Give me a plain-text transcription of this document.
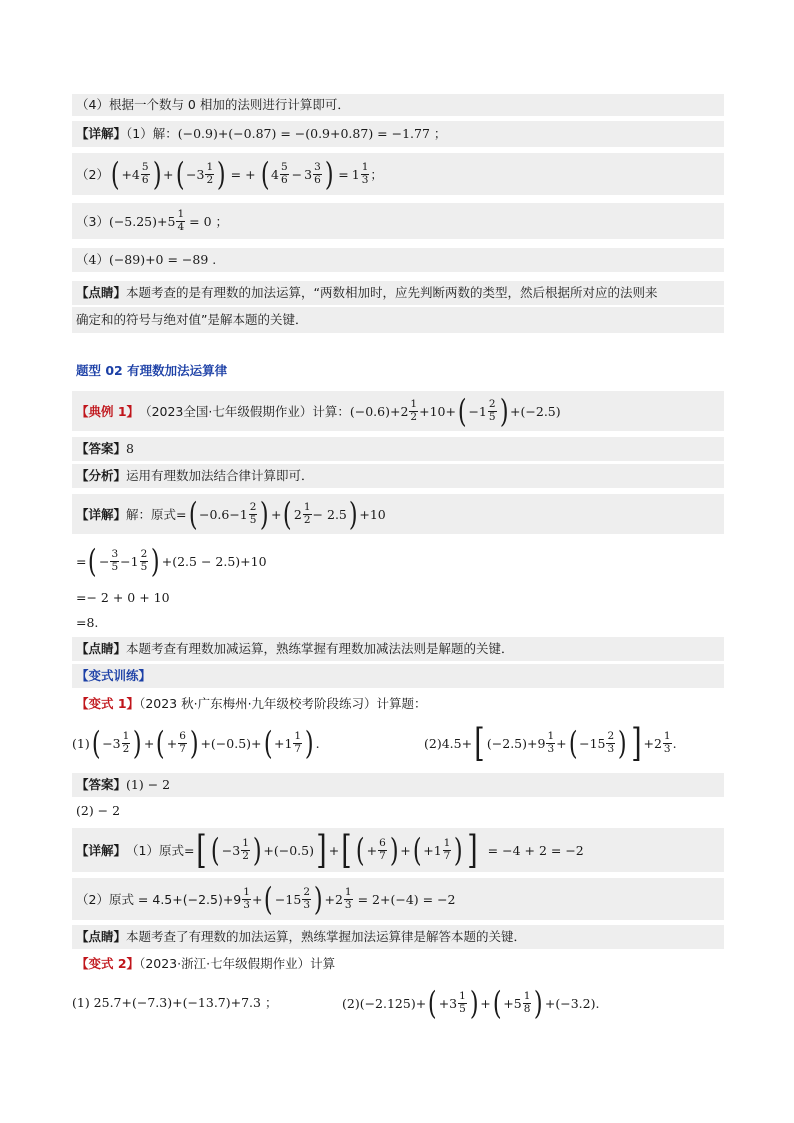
（4）根据一个数与 0 相加的法则进行计算即可．
【详解】（1）解：(−0.9)+(−0.87) = −(0.9+0.87) = −1.77 ；
（2） ( $+4 \frac{5}{6}$ ) + ( $-3 \frac{1}{2}$ ) = + ( $4 \frac{5}{6} - 3 \frac{3}{6}$ ) = $1 \frac{1}{3}$ ；
（3） $(-5.25)+ 5 \frac{1}{4} = 0$ ；
（4）(−89)+0 = −89 .
【点睛】本题考查的是有理数的加法运算，“两数相加时，应先判断两数的类型，然后根据所对应的法则来
确定和的符号与绝对值”是解本题的关键．
题型 02 有理数加法运算律
【典例 1】 （2023全国·七年级假期作业）计算： $(-0.6)+2 \frac{1}{2} +10+$ ( $-1 \frac{2}{5}$ ) +(−2.5)
【答案】8
【分析】运用有理数加法结合律计算即可．
【详解】 解：原式= ( $-0.6-1 \frac{2}{5}$ ) + ( $2 \frac{1}{2} - 2.5$ ) +10
= ( − $\frac{3}{5} -1 \frac{2}{5}$ ) +(2.5 − 2.5)+10
=− 2 + 0 + 10
=8.
【点睛】本题考查有理数加减运算，熟练掌握有理数加减法法则是解题的关键．
【变式训练】
【变式 1】（2023 秋·广东梅州·九年级校考阶段练习）计算题：
(1) ( $-3 \frac{1}{2}$ ) + ( + $\frac{6}{7}$ ) +(−0.5)+ ( $+1 \frac{1}{7}$ ) .	(2)4.5+ [ $(-2.5)+9 \frac{1}{3}$ + ( $-15 \frac{2}{3}$ ) ] $+2 \frac{1}{3}$ .
【答案】(1) − 2
(2) − 2
【详解】 （1）原式= [ ( $-3 \frac{1}{2}$ ) +(−0.5) ] + [ ( + $\frac{6}{7}$ ) + ( $+1 \frac{1}{7}$ ) ] = −4 + 2 = −2
（2）原式 = $4.5+(-2.5)+9 \frac{1}{3}$ + ( $-15 \frac{2}{3}$ ) $+2 \frac{1}{3} = 2+(-4) = -2$
【点睛】本题考查了有理数的加法运算，熟练掌握加法运算律是解答本题的关键．
【变式 2】（2023·浙江·七年级假期作业）计算
(1) 25.7+(−7.3)+(−13.7)+7.3 ；	(2)(−2.125)+ ( $+3 \frac{1}{5}$ ) + ( $+5 \frac{1}{8}$ ) +(−3.2) .
